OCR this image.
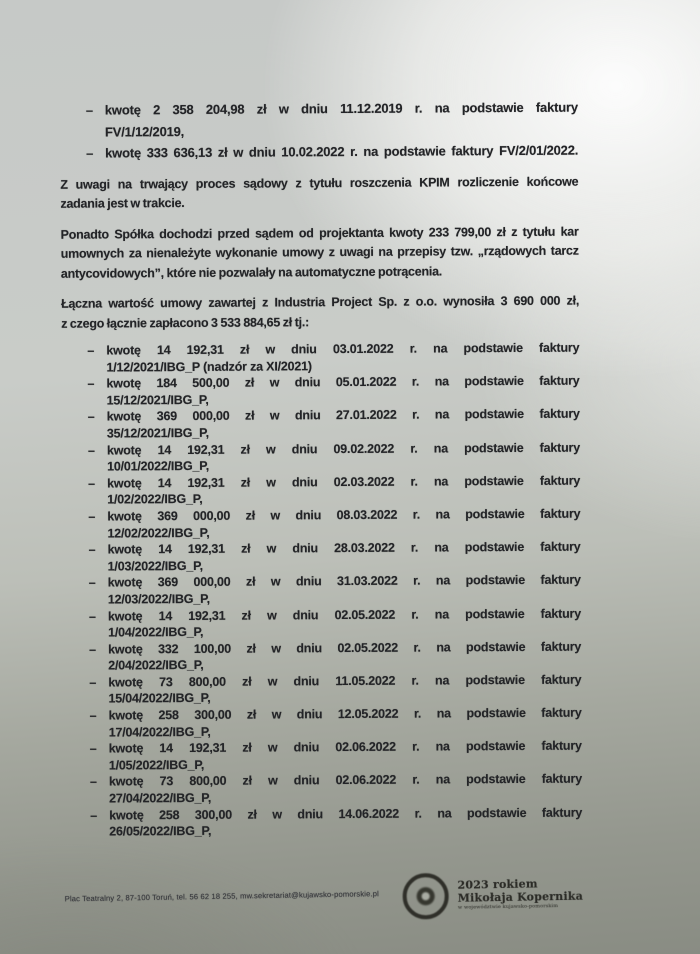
– kwotę 2 358 204,98 zł w dniu 11.12.2019 r. na podstawie faktury
FV/1/12/2019,
– kwotę 333 636,13 zł w dniu 10.02.2022 r. na podstawie faktury FV/2/01/2022.
Z uwagi na trwający proces sądowy z tytułu roszczenia KPIM rozliczenie końcowe
zadania jest w trakcie.
Ponadto Spółka dochodzi przed sądem od projektanta kwoty 233 799,00 zł z tytułu kar
umownych za nienależyte wykonanie umowy z uwagi na przepisy tzw. „rządowych tarcz
antycovidowych”, które nie pozwalały na automatyczne potrącenia.
Łączna wartość umowy zawartej z Industria Project Sp. z o.o. wynosiła 3 690 000 zł,
z czego łącznie zapłacono 3 533 884,65 zł tj.:
– kwotę 14 192,31 zł w dniu 03.01.2022 r. na podstawie faktury
1/12/2021/IBG_P (nadzór za XI/2021)
– kwotę 184 500,00 zł w dniu 05.01.2022 r. na podstawie faktury
15/12/2021/IBG_P,
– kwotę 369 000,00 zł w dniu 27.01.2022 r. na podstawie faktury
35/12/2021/IBG_P,
– kwotę 14 192,31 zł w dniu 09.02.2022 r. na podstawie faktury
10/01/2022/IBG_P,
– kwotę 14 192,31 zł w dniu 02.03.2022 r. na podstawie faktury
1/02/2022/IBG_P,
– kwotę 369 000,00 zł w dniu 08.03.2022 r. na podstawie faktury
12/02/2022/IBG_P,
– kwotę 14 192,31 zł w dniu 28.03.2022 r. na podstawie faktury
1/03/2022/IBG_P,
– kwotę 369 000,00 zł w dniu 31.03.2022 r. na podstawie faktury
12/03/2022/IBG_P,
– kwotę 14 192,31 zł w dniu 02.05.2022 r. na podstawie faktury
1/04/2022/IBG_P,
– kwotę 332 100,00 zł w dniu 02.05.2022 r. na podstawie faktury
2/04/2022/IBG_P,
– kwotę 73 800,00 zł w dniu 11.05.2022 r. na podstawie faktury
15/04/2022/IBG_P,
– kwotę 258 300,00 zł w dniu 12.05.2022 r. na podstawie faktury
17/04/2022/IBG_P,
– kwotę 14 192,31 zł w dniu 02.06.2022 r. na podstawie faktury
1/05/2022/IBG_P,
– kwotę 73 800,00 zł w dniu 02.06.2022 r. na podstawie faktury
27/04/2022/IBG_P,
– kwotę 258 300,00 zł w dniu 14.06.2022 r. na podstawie faktury
26/05/2022/IBG_P,
Plac Teatralny 2, 87-100 Toruń, tel. 56 62 18 255, mw.sekretariat@kujawsko-pomorskie.pl
2023 rokiem
Mikołaja Kopernika
w województwie kujawsko-pomorskim
